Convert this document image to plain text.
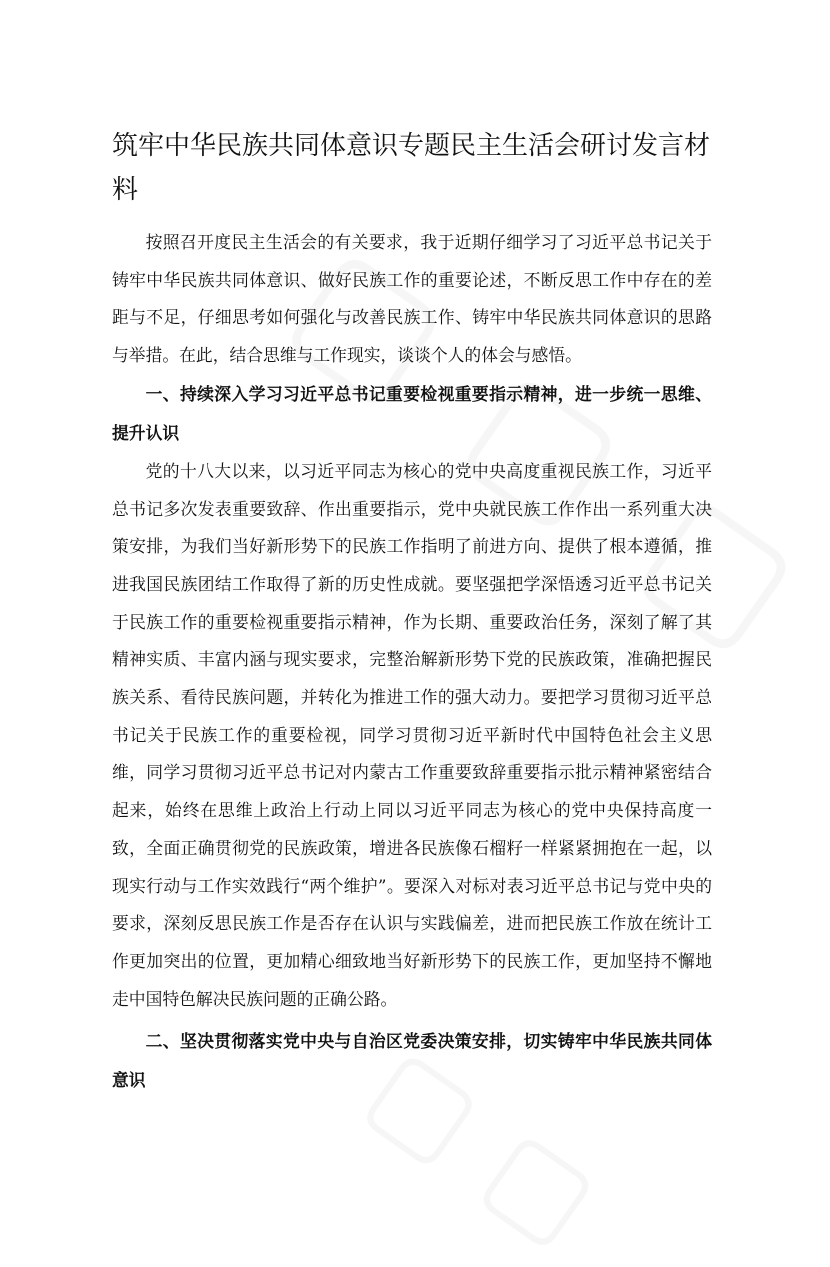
筑牢中华民族共同体意识专题民主生活会研讨发言材料

按照召开度民主生活会的有关要求，我于近期仔细学习了习近平总书记关于铸牢中华民族共同体意识、做好民族工作的重要论述，不断反思工作中存在的差距与不足，仔细思考如何强化与改善民族工作、铸牢中华民族共同体意识的思路与举措。在此，结合思维与工作现实，谈谈个人的体会与感悟。

一、持续深入学习习近平总书记重要检视重要指示精神，进一步统一思维、提升认识

党的十八大以来，以习近平同志为核心的党中央高度重视民族工作，习近平总书记多次发表重要致辞、作出重要指示，党中央就民族工作作出一系列重大决策安排，为我们当好新形势下的民族工作指明了前进方向、提供了根本遵循，推进我国民族团结工作取得了新的历史性成就。要坚强把学深悟透习近平总书记关于民族工作的重要检视重要指示精神，作为长期、重要政治任务，深刻了解了其精神实质、丰富内涵与现实要求，完整治解新形势下党的民族政策，准确把握民族关系、看待民族问题，并转化为推进工作的强大动力。要把学习贯彻习近平总书记关于民族工作的重要检视，同学习贯彻习近平新时代中国特色社会主义思维，同学习贯彻习近平总书记对内蒙古工作重要致辞重要指示批示精神紧密结合起来，始终在思维上政治上行动上同以习近平同志为核心的党中央保持高度一致，全面正确贯彻党的民族政策，增进各民族像石榴籽一样紧紧拥抱在一起，以现实行动与工作实效践行“两个维护”。要深入对标对表习近平总书记与党中央的要求，深刻反思民族工作是否存在认识与实践偏差，进而把民族工作放在统计工作更加突出的位置，更加精心细致地当好新形势下的民族工作，更加坚持不懈地走中国特色解决民族问题的正确公路。

二、坚决贯彻落实党中央与自治区党委决策安排，切实铸牢中华民族共同体意识
